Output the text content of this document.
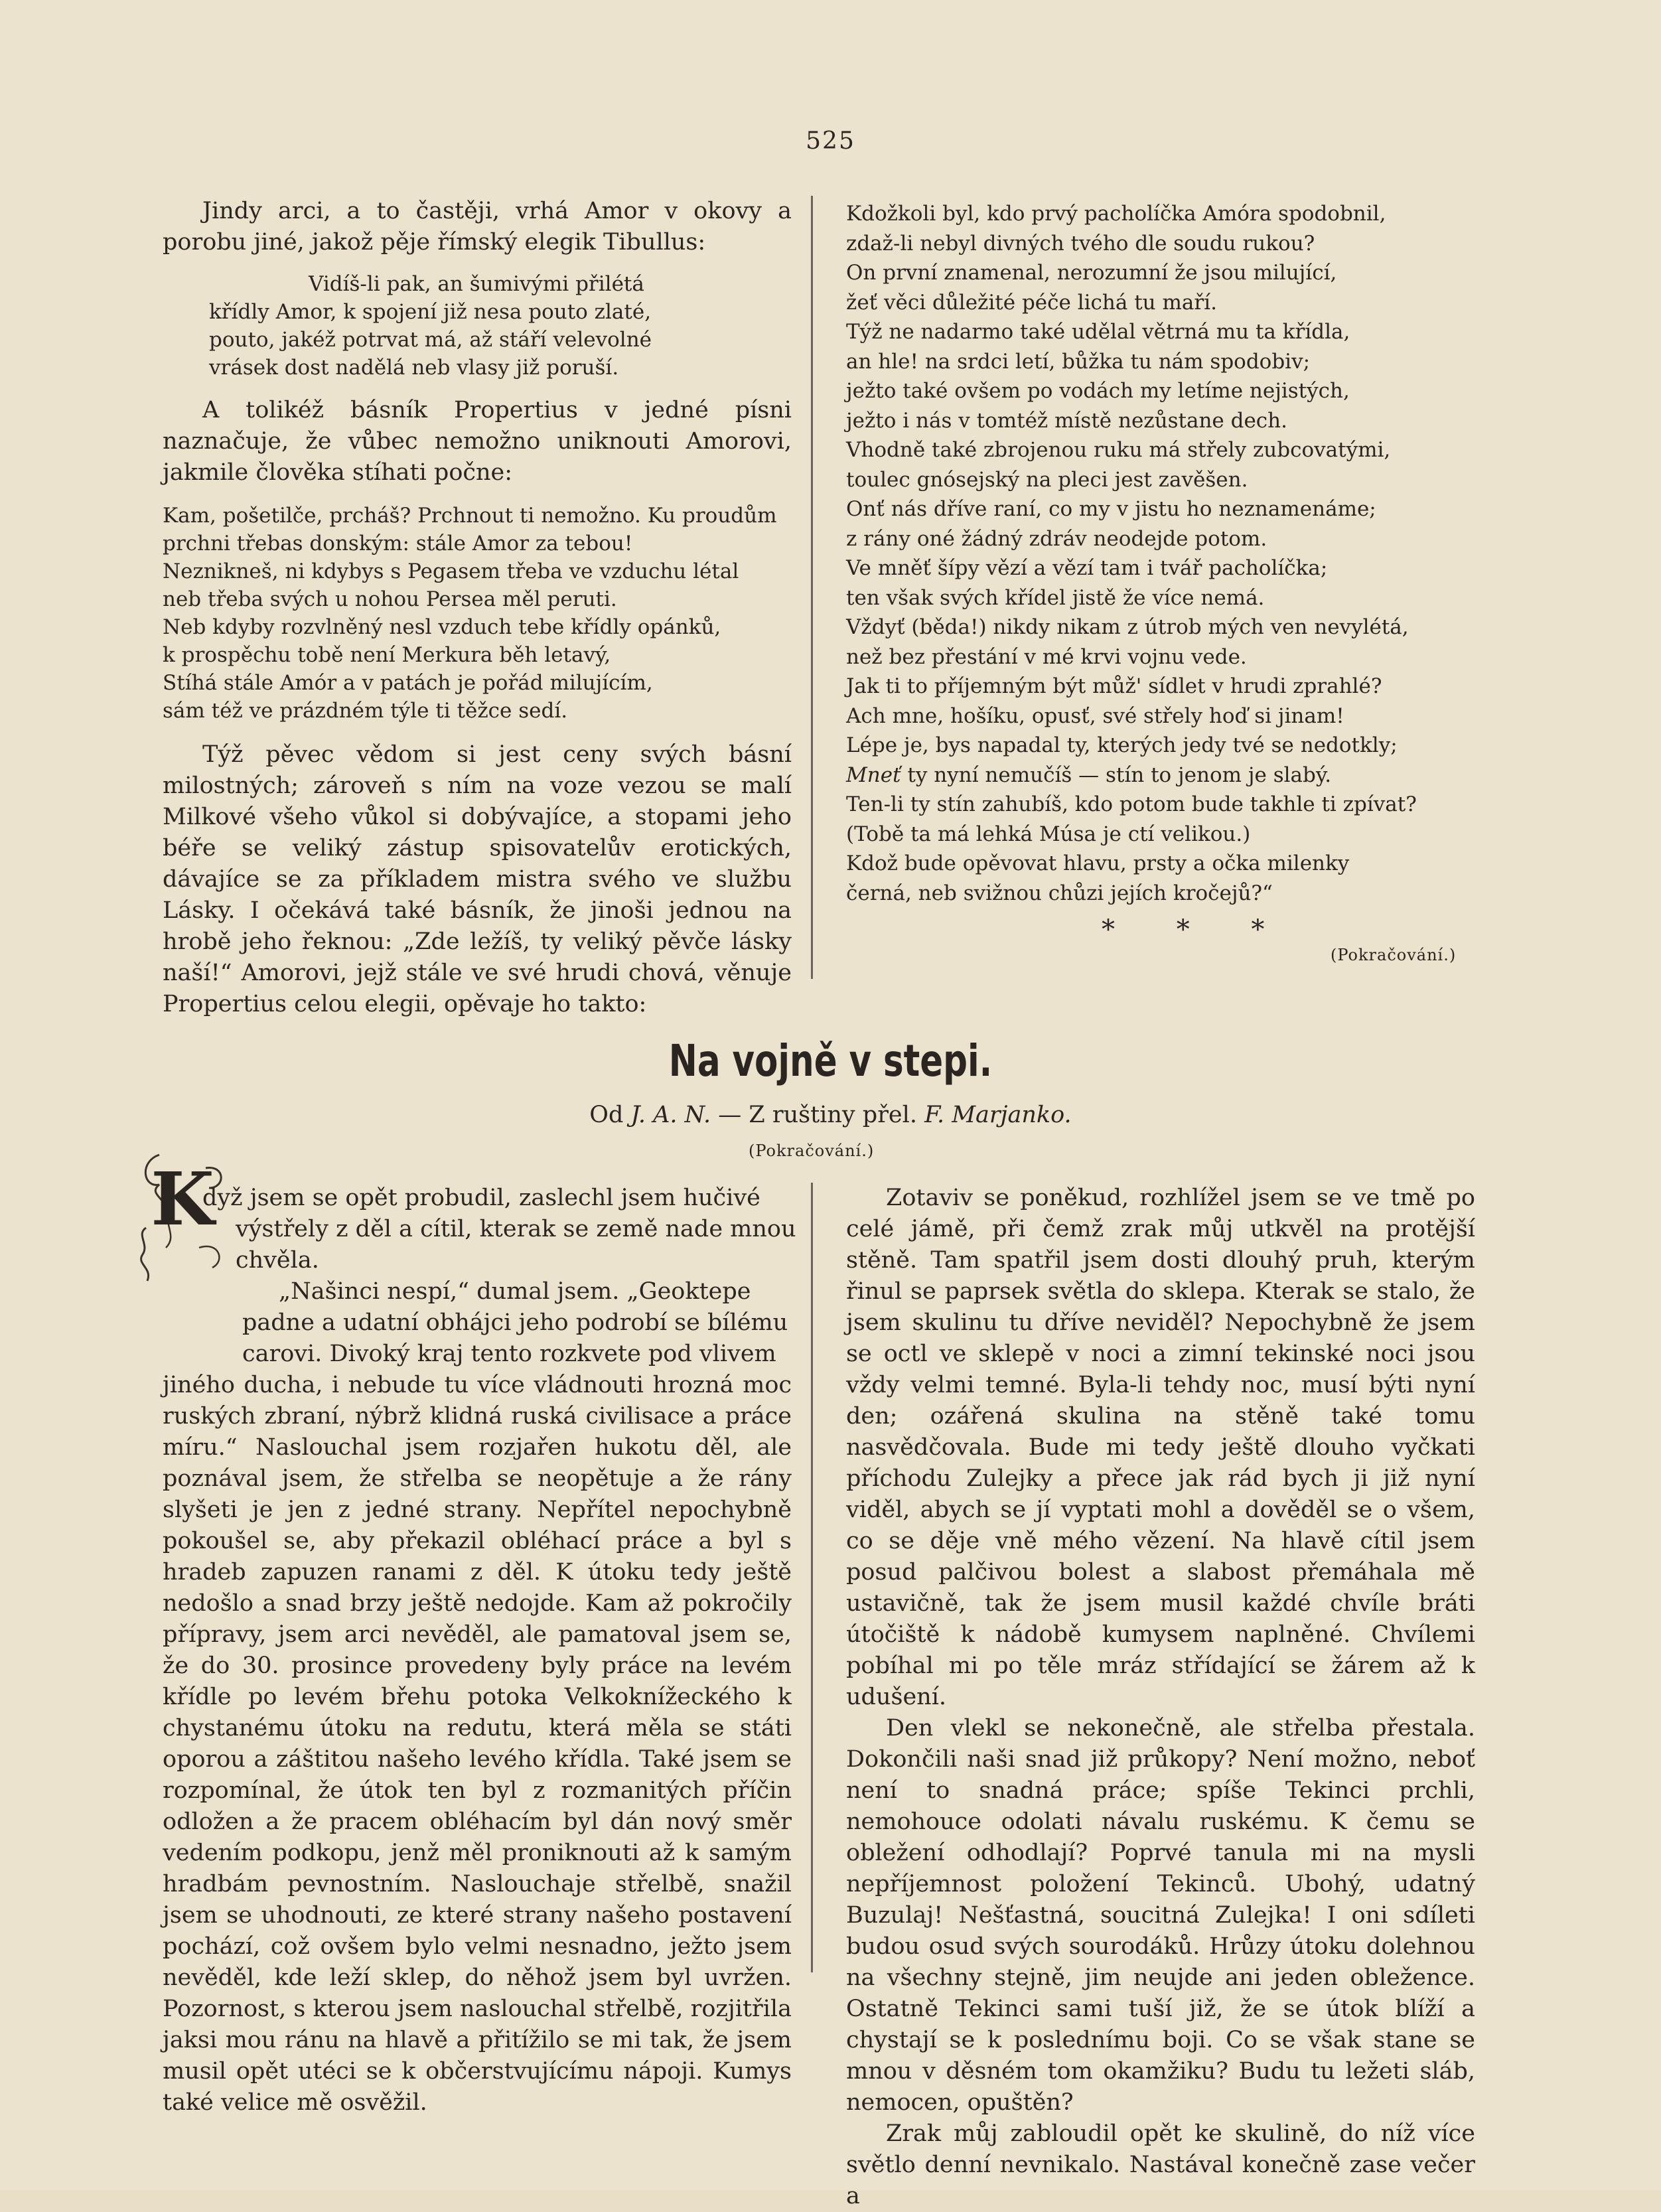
525

Jindy arci, a to častěji, vrhá Amor v okovy a porobu jiné, jakož pěje římský elegik Tibullus:

Vidíš-li pak, an šumivými přilétá
křídly Amor, k spojení již nesa pouto zlaté,
pouto, jakéž potrvat má, až stáří velevolné
vrásek dost nadělá neb vlasy již poruší.

A tolikéž básník Propertius v jedné písni naznačuje, že vůbec nemožno uniknouti Amorovi, jakmile člověka stíhati počne:

Kam, pošetilče, prcháš? Prchnout ti nemožno. Ku proudům
prchni třebas donským: stále Amor za tebou!
Neznikneš, ni kdybys s Pegasem třeba ve vzduchu létal
neb třeba svých u nohou Persea měl peruti.
Neb kdyby rozvlněný nesl vzduch tebe křídly opánků,
k prospěchu tobě není Merkura běh letavý,
Stíhá stále Amór a v patách je pořád milujícím,
sám též ve prázdném týle ti těžce sedí.

Týž pěvec vědom si jest ceny svých básní milostných; zároveň s ním na voze vezou se malí Milkové všeho vůkol si dobývajíce, a stopami jeho béře se veliký zástup spisovatelův erotických, dávajíce se za příkladem mistra svého ve službu Lásky. I očekává také básník, že jinoši jednou na hrobě jeho řeknou: „Zde ležíš, ty veliký pěvče lásky naší!“ Amorovi, jejž stále ve své hrudi chová, věnuje Propertius celou elegii, opěvaje ho takto:

Kdožkoli byl, kdo prvý pacholíčka Amóra spodobnil,
zdaž-li nebyl divných tvého dle soudu rukou?
On první znamenal, nerozumní že jsou milující,
žeť věci důležité péče lichá tu maří.
Týž ne nadarmo také udělal větrná mu ta křídla,
an hle! na srdci letí, bůžka tu nám spodobiv;
ježto také ovšem po vodách my letíme nejistých,
ježto i nás v tomtéž místě nezůstane dech.
Vhodně také zbrojenou ruku má střely zubcovatými,
toulec gnósejský na pleci jest zavěšen.
Onť nás dříve raní, co my v jistu ho neznamenáme;
z rány oné žádný zdráv neodejde potom.
Ve mněť šípy vězí a vězí tam i tvář pacholíčka;
ten však svých křídel jistě že více nemá.
Vždyť (běda!) nikdy nikam z útrob mých ven nevylétá,
než bez přestání v mé krvi vojnu vede.
Jak ti to příjemným být můž' sídlet v hrudi zprahlé?
Ach mne, hošíku, opusť, své střely hoď si jinam!
Lépe je, bys napadal ty, kterých jedy tvé se nedotkly;
Mneť ty nyní nemučíš — stín to jenom je slabý.
Ten-li ty stín zahubíš, kdo potom bude takhle ti zpívat?
(Tobě ta má lehká Músa je ctí velikou.)
Kdož bude opěvovat hlavu, prsty a očka milenky
černá, neb svižnou chůzi jejích kročejů?“
* * *
(Pokračování.)
Na vojně v stepi.
Od J. A. N. — Z ruštiny přel. F. Marjanko.
(Pokračování.)
K
dyž jsem se opět probudil, zaslechl jsem hučivé
výstřely z děl a cítil, kterak se země nade mnou
chvěla.
„Našinci nespí,“ dumal jsem. „Geoktepe
padne a udatní obhájci jeho podrobí se bílému
carovi. Divoký kraj tento rozkvete pod vlivem

jiného ducha, i nebude tu více vládnouti hrozná moc ruských zbraní, nýbrž klidná ruská civilisace a práce míru.“ Naslouchal jsem rozjařen hukotu děl, ale poznával jsem, že střelba se neopětuje a že rány slyšeti je jen z jedné strany. Nepřítel nepochybně pokoušel se, aby překazil obléhací práce a byl s hradeb zapuzen ranami z děl. K útoku tedy ještě nedošlo a snad brzy ještě nedojde. Kam až pokročily přípravy, jsem arci nevěděl, ale pamatoval jsem se, že do 30. prosince provedeny byly práce na levém křídle po levém břehu potoka Velkoknížeckého k chystanému útoku na redutu, která měla se státi oporou a záštitou našeho levého křídla. Také jsem se rozpomínal, že útok ten byl z rozmanitých příčin odložen a že pracem obléhacím byl dán nový směr vedením podkopu, jenž měl proniknouti až k samým hradbám pevnostním. Naslouchaje střelbě, snažil jsem se uhodnouti, ze které strany našeho postavení pochází, což ovšem bylo velmi nesnadno, ježto jsem nevěděl, kde leží sklep, do něhož jsem byl uvržen. Pozornost, s kterou jsem naslouchal střelbě, rozjitřila jaksi mou ránu na hlavě a přitížilo se mi tak, že jsem musil opět utéci se k občerstvujícímu nápoji. Kumys také velice mě osvěžil.

Zotaviv se poněkud, rozhlížel jsem se ve tmě po celé jámě, při čemž zrak můj utkvěl na protější stěně. Tam spatřil jsem dosti dlouhý pruh, kterým řinul se paprsek světla do sklepa. Kterak se stalo, že jsem skulinu tu dříve neviděl? Nepochybně že jsem se octl ve sklepě v noci a zimní tekinské noci jsou vždy velmi temné. Byla-li tehdy noc, musí býti nyní den; ozářená skulina na stěně také tomu nasvědčovala. Bude mi tedy ještě dlouho vyčkati příchodu Zulejky a přece jak rád bych ji již nyní viděl, abych se jí vyptati mohl a dověděl se o všem, co se děje vně mého vězení. Na hlavě cítil jsem posud palčivou bolest a slabost přemáhala mě ustavičně, tak že jsem musil každé chvíle bráti útočiště k nádobě kumysem naplněné. Chvílemi pobíhal mi po těle mráz střídající se žárem až k udušení.

Den vlekl se nekonečně, ale střelba přestala. Dokončili naši snad již průkopy? Není možno, neboť není to snadná práce; spíše Tekinci prchli, nemohouce odolati návalu ruskému. K čemu se obležení odhodlají? Poprvé tanula mi na mysli nepříjemnost položení Tekinců. Ubohý, udatný Buzulaj! Nešťastná, soucitná Zulejka! I oni sdíleti budou osud svých sourodáků. Hrůzy útoku dolehnou na všechny stejně, jim neujde ani jeden obležence. Ostatně Tekinci sami tuší již, že se útok blíží a chystají se k poslednímu boji. Co se však stane se mnou v děsném tom okamžiku? Budu tu ležeti sláb, nemocen, opuštěn?

Zrak můj zabloudil opět ke skulině, do níž více světlo denní nevnikalo. Nastával konečně zase večer a
